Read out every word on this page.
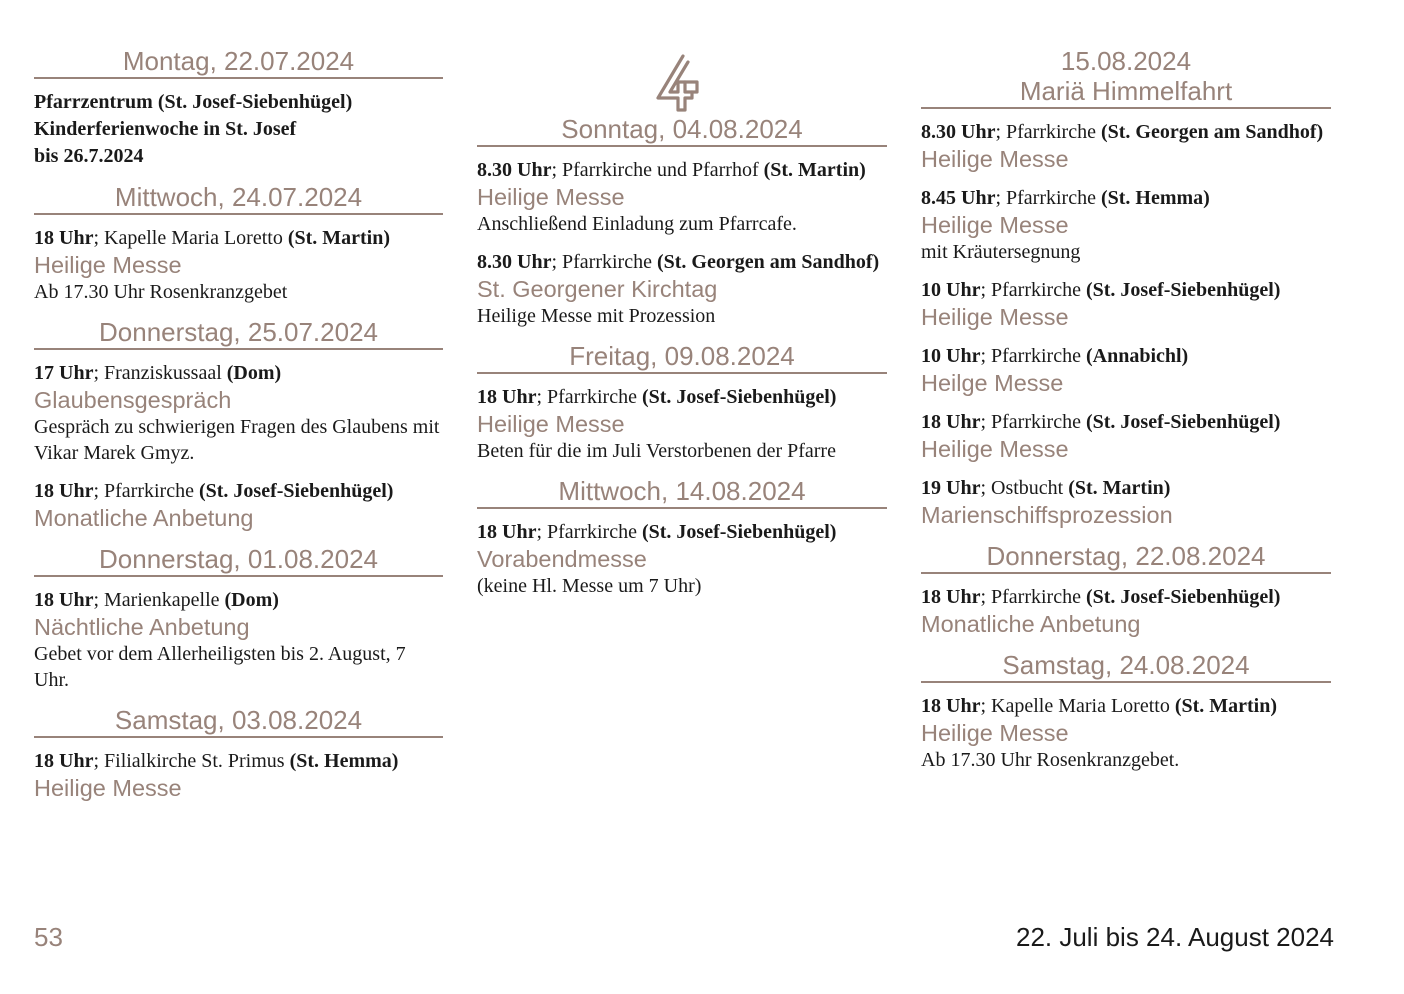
Montag, 22.07.2024
Pfarrzentrum (St. Josef-Siebenhügel)
Kinderferienwoche in St. Josef
bis 26.7.2024
Mittwoch, 24.07.2024
18 Uhr; Kapelle Maria Loretto (St. Martin)
Heilige Messe
Ab 17.30 Uhr Rosenkranzgebet
Donnerstag, 25.07.2024
17 Uhr; Franziskussaal (Dom)
Glaubensgespräch
Gespräch zu schwierigen Fragen des Glaubens mit Vikar Marek Gmyz.
18 Uhr; Pfarrkirche (St. Josef-Siebenhügel)
Monatliche Anbetung
Donnerstag, 01.08.2024
18 Uhr; Marienkapelle (Dom)
Nächtliche Anbetung
Gebet vor dem Allerheiligsten bis 2. August, 7 Uhr.
Samstag, 03.08.2024
18 Uhr; Filialkirche St. Primus (St. Hemma)
Heilige Messe
Sonntag, 04.08.2024
8.30 Uhr; Pfarrkirche und Pfarrhof (St. Martin)
Heilige Messe
Anschließend Einladung zum Pfarrcafe.
8.30 Uhr; Pfarrkirche (St. Georgen am Sandhof)
St. Georgener Kirchtag
Heilige Messe mit Prozession
Freitag, 09.08.2024
18 Uhr; Pfarrkirche (St. Josef-Siebenhügel)
Heilige Messe
Beten für die im Juli Verstorbenen der Pfarre
Mittwoch, 14.08.2024
18 Uhr; Pfarrkirche (St. Josef-Siebenhügel)
Vorabendmesse
(keine Hl. Messe um 7 Uhr)
15.08.2024
Mariä Himmelfahrt
8.30 Uhr; Pfarrkirche (St. Georgen am Sandhof)
Heilige Messe
8.45 Uhr; Pfarrkirche (St. Hemma)
Heilige Messe
mit Kräutersegnung
10 Uhr; Pfarrkirche (St. Josef-Siebenhügel)
Heilige Messe
10 Uhr; Pfarrkirche (Annabichl)
Heilge Messe
18 Uhr; Pfarrkirche (St. Josef-Siebenhügel)
Heilige Messe
19 Uhr; Ostbucht (St. Martin)
Marienschiffsprozession
Donnerstag, 22.08.2024
18 Uhr; Pfarrkirche (St. Josef-Siebenhügel)
Monatliche Anbetung
Samstag, 24.08.2024
18 Uhr; Kapelle Maria Loretto (St. Martin)
Heilige Messe
Ab 17.30 Uhr Rosenkranzgebet.
53	22. Juli bis 24. August 2024
